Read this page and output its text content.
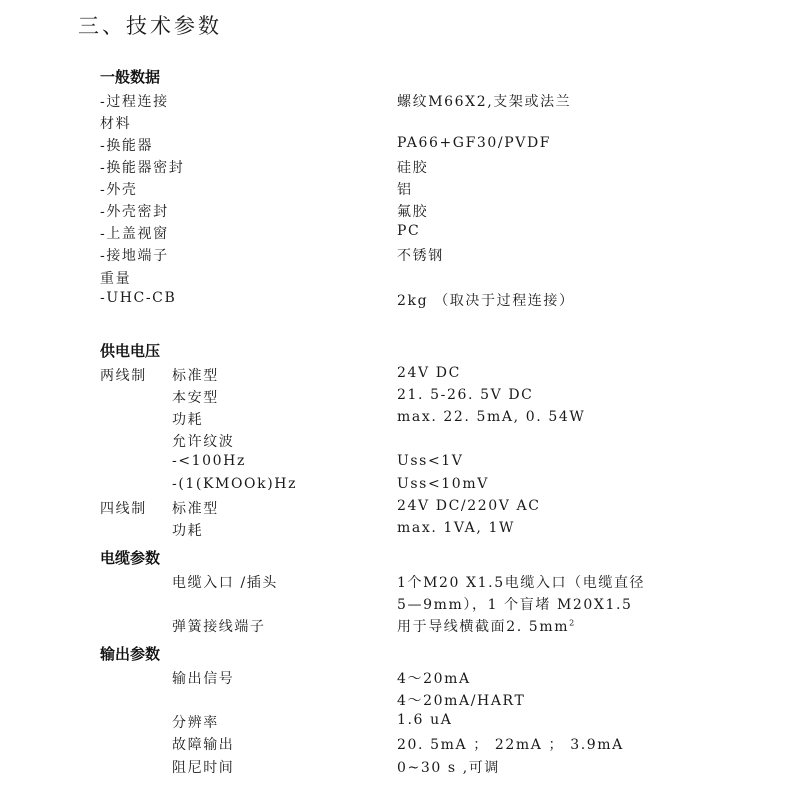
三、技术参数
一般数据
-过程连接	螺纹M66X2,支架或法兰
材料
-换能器	PA66+GF30/PVDF
-换能器密封	硅胶
-外壳	铝
-外壳密封	氟胶
-上盖视窗	PC
-接地端子	不锈钢
重量
-UHC-CB	2kg （取决于过程连接）
供电电压
两线制 标准型	24V DC
本安型	21. 5-26. 5V DC
功耗	max. 22. 5mA, 0. 54W
允许纹波
-<100Hz	Uss<1V
-(1(KMOOk)Hz	Uss<10mV
四线制 标准型	24V DC/220V AC
功耗	max. 1VA, 1W
电缆参数
电缆入口 /插头	1个M20 X1.5电缆入口（电缆直径
5—9mm），1 个盲堵 M20X1.5
弹簧接线端子	用于导线横截面2. $5mm^2$
输出参数
输出信号	4～20mA
4～20mA/HART
分辨率	1.6 uA
故障输出	20. 5mA ； 22mA ； 3.9mA
阻尼时间	0~30 s ,可调
